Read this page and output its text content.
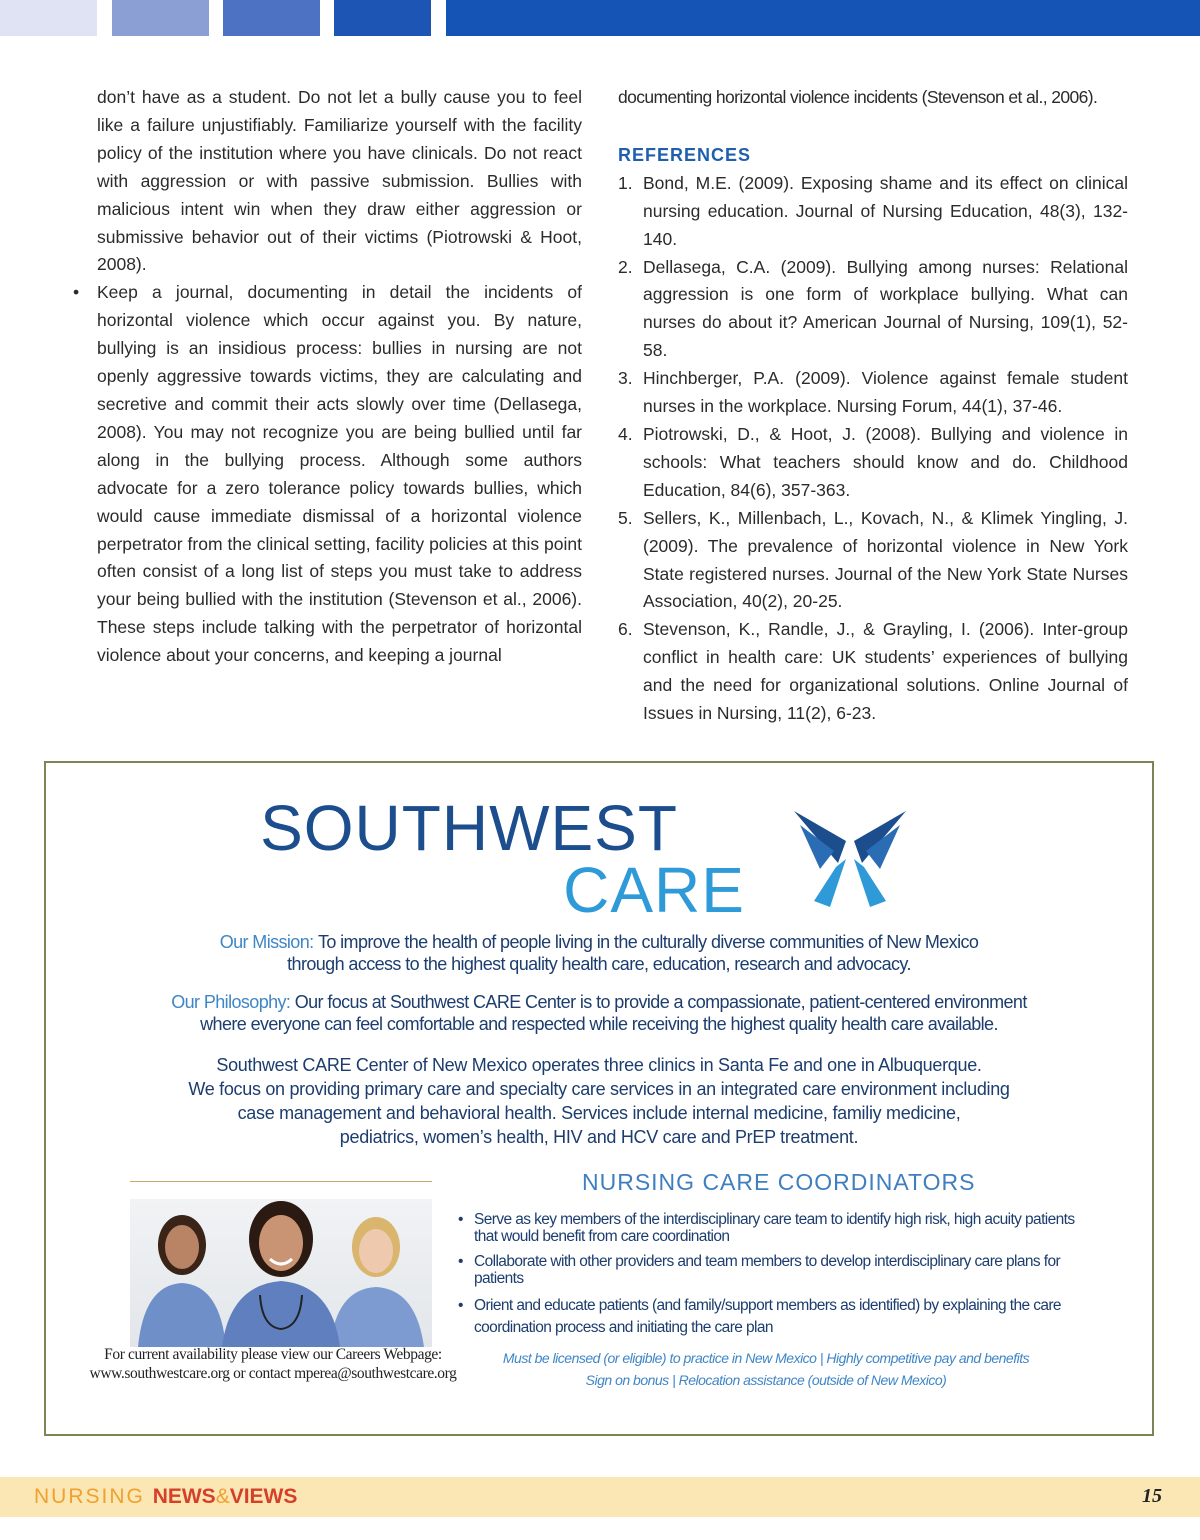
don’t have as a student. Do not let a bully cause you to feel like a failure unjustifiably. Familiarize yourself with the facility policy of the institution where you have clinicals. Do not react with aggression or with passive submission. Bullies with malicious intent win when they draw either aggression or submissive behavior out of their victims (Piotrowski & Hoot, 2008).

• Keep a journal, documenting in detail the incidents of horizontal violence which occur against you. By nature, bullying is an insidious process: bullies in nursing are not openly aggressive towards victims, they are calculating and secretive and commit their acts slowly over time (Dellasega, 2008). You may not recognize you are being bullied until far along in the bullying process. Although some authors advocate for a zero tolerance policy towards bullies, which would cause immediate dismissal of a horizontal violence perpetrator from the clinical setting, facility policies at this point often consist of a long list of steps you must take to address your being bullied with the institution (Stevenson et al., 2006). These steps include talking with the perpetrator of horizontal violence about your concerns, and keeping a journal

documenting horizontal violence incidents (Stevenson et al., 2006).

REFERENCES

1. Bond, M.E. (2009). Exposing shame and its effect on clinical nursing education. Journal of Nursing Education, 48(3), 132-140.
2. Dellasega, C.A. (2009). Bullying among nurses: Relational aggression is one form of workplace bullying. What can nurses do about it? American Journal of Nursing, 109(1), 52-58.
3. Hinchberger, P.A. (2009). Violence against female student nurses in the workplace. Nursing Forum, 44(1), 37-46.
4. Piotrowski, D., & Hoot, J. (2008). Bullying and violence in schools: What teachers should know and do. Childhood Education, 84(6), 357-363.
5. Sellers, K., Millenbach, L., Kovach, N., & Klimek Yingling, J. (2009). The prevalence of horizontal violence in New York State registered nurses. Journal of the New York State Nurses Association, 40(2), 20-25.
6. Stevenson, K., Randle, J., & Grayling, I. (2006). Inter-group conflict in health care: UK students’ experiences of bullying and the need for organizational solutions. Online Journal of Issues in Nursing, 11(2), 6-23.
SOUTHWEST
CARE
Our Mission: To improve the health of people living in the culturally diverse communities of New Mexico
through access to the highest quality health care, education, research and advocacy.
Our Philosophy: Our focus at Southwest CARE Center is to provide a compassionate, patient-centered environment
where everyone can feel comfortable and respected while receiving the highest quality health care available.
Southwest CARE Center of New Mexico operates three clinics in Santa Fe and one in Albuquerque.
We focus on providing primary care and specialty care services in an integrated care environment including
case management and behavioral health. Services include internal medicine, familiy medicine,
pediatrics, women’s health, HIV and HCV care and PrEP treatment.
NURSING CARE COORDINATORS
• Serve as key members of the interdisciplinary care team to identify high risk, high acuity patients that would benefit from care coordination
• Collaborate with other providers and team members to develop interdisciplinary care plans for patients
• Orient and educate patients (and family/support members as identified) by explaining the care coordination process and initiating the care plan
Must be licensed (or eligible) to practice in New Mexico | Highly competitive pay and benefits
Sign on bonus | Relocation assistance (outside of New Mexico)
For current availability please view our Careers Webpage:
www.southwestcare.org or contact mperea@southwestcare.org
NURSING NEWS&VIEWS	15
